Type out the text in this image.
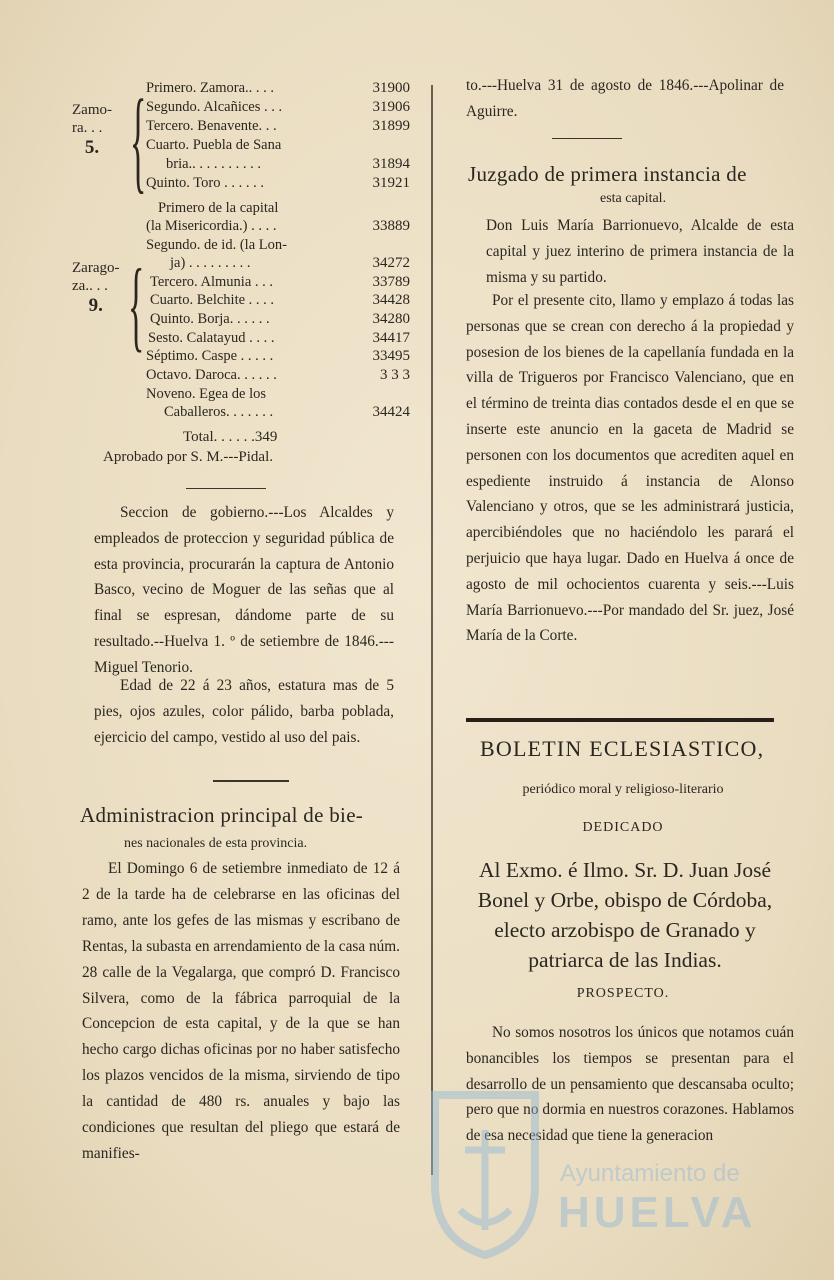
Zamo-
ra. . .
5. { Primero. Zamora.. . . .	31900
Segundo. Alcañices . . .	31906
Tercero. Benavente. . .	31899
Cuarto. Puebla de Sana
bria.. . . . . . . . . .	31894
Quinto. Toro . . . . . .	31921
Zarago-
za.. . .
9. {
Primero de la capital
(la Misericordia.) . . . .	33889
Segundo. de id. (la Lon-
ja) . . . . . . . . .	34272
Tercero. Almunia . . .	33789
Cuarto. Belchite . . . .	34428
Quinto. Borja. . . . . .	34280
Sesto. Calatayud . . . .	34417
Séptimo. Caspe . . . . .	33495
Octavo. Daroca. . . . . .	3 3 3
Noveno. Egea de los
Caballeros. . . . . . .	34424
Total. . . . . .349
Aprobado por S. M.---Pidal.

Seccion de gobierno.---Los Alcaldes y empleados de proteccion y seguridad pública de esta provincia, procurarán la captura de Antonio Basco, vecino de Moguer de las señas que al final se espresan, dándome parte de su resultado.--Huelva 1. º de setiembre de 1846.---Miguel Tenorio.

Edad de 22 á 23 años, estatura mas de 5 pies, ojos azules, color pálido, barba poblada, ejercicio del campo, vestido al uso del pais.

Administracion principal de bie-
nes nacionales de esta provincia.

El Domingo 6 de setiembre inmediato de 12 á 2 de la tarde ha de celebrarse en las oficinas del ramo, ante los gefes de las mismas y escribano de Rentas, la subasta en arrendamiento de la casa núm. 28 calle de la Vegalarga, que compró D. Francisco Silvera, como de la fábrica parroquial de la Concepcion de esta capital, y de la que se han hecho cargo dichas oficinas por no haber satisfecho los plazos vencidos de la misma, sirviendo de tipo la cantidad de 480 rs. anuales y bajo las condiciones que resultan del pliego que estará de manifies-

to.---Huelva 31 de agosto de 1846.---Apolinar de Aguirre.

Juzgado de primera instancia de
esta capital.

Don Luis María Barrionuevo, Alcalde de esta capital y juez interino de primera instancia de la misma y su partido.

Por el presente cito, llamo y emplazo á todas las personas que se crean con derecho á la propiedad y posesion de los bienes de la capellanía fundada en la villa de Trigueros por Francisco Valenciano, que en el término de treinta dias contados desde el en que se inserte este anuncio en la gaceta de Madrid se personen con los documentos que acrediten aquel en espediente instruido á instancia de Alonso Valenciano y otros, que se les administrará justicia, apercibiéndoles que no haciéndolo les parará el perjuicio que haya lugar. Dado en Huelva á once de agosto de mil ochocientos cuarenta y seis.---Luis María Barrionuevo.---Por mandado del Sr. juez, José María de la Corte.

BOLETIN ECLESIASTICO,
periódico moral y religioso-literario
DEDICADO

Al Exmo. é Ilmo. Sr. D. Juan José Bonel y Orbe, obispo de Córdoba, electo arzobispo de Granado y patriarca de las Indias.

PROSPECTO.

No somos nosotros los únicos que notamos cuán bonancibles los tiempos se presentan para el desarrollo de un pensamiento que descansaba oculto; pero que no dormia en nuestros corazones. Hablamos de esa necesidad que tiene la generacion

Ayuntamiento de
HUELVA
